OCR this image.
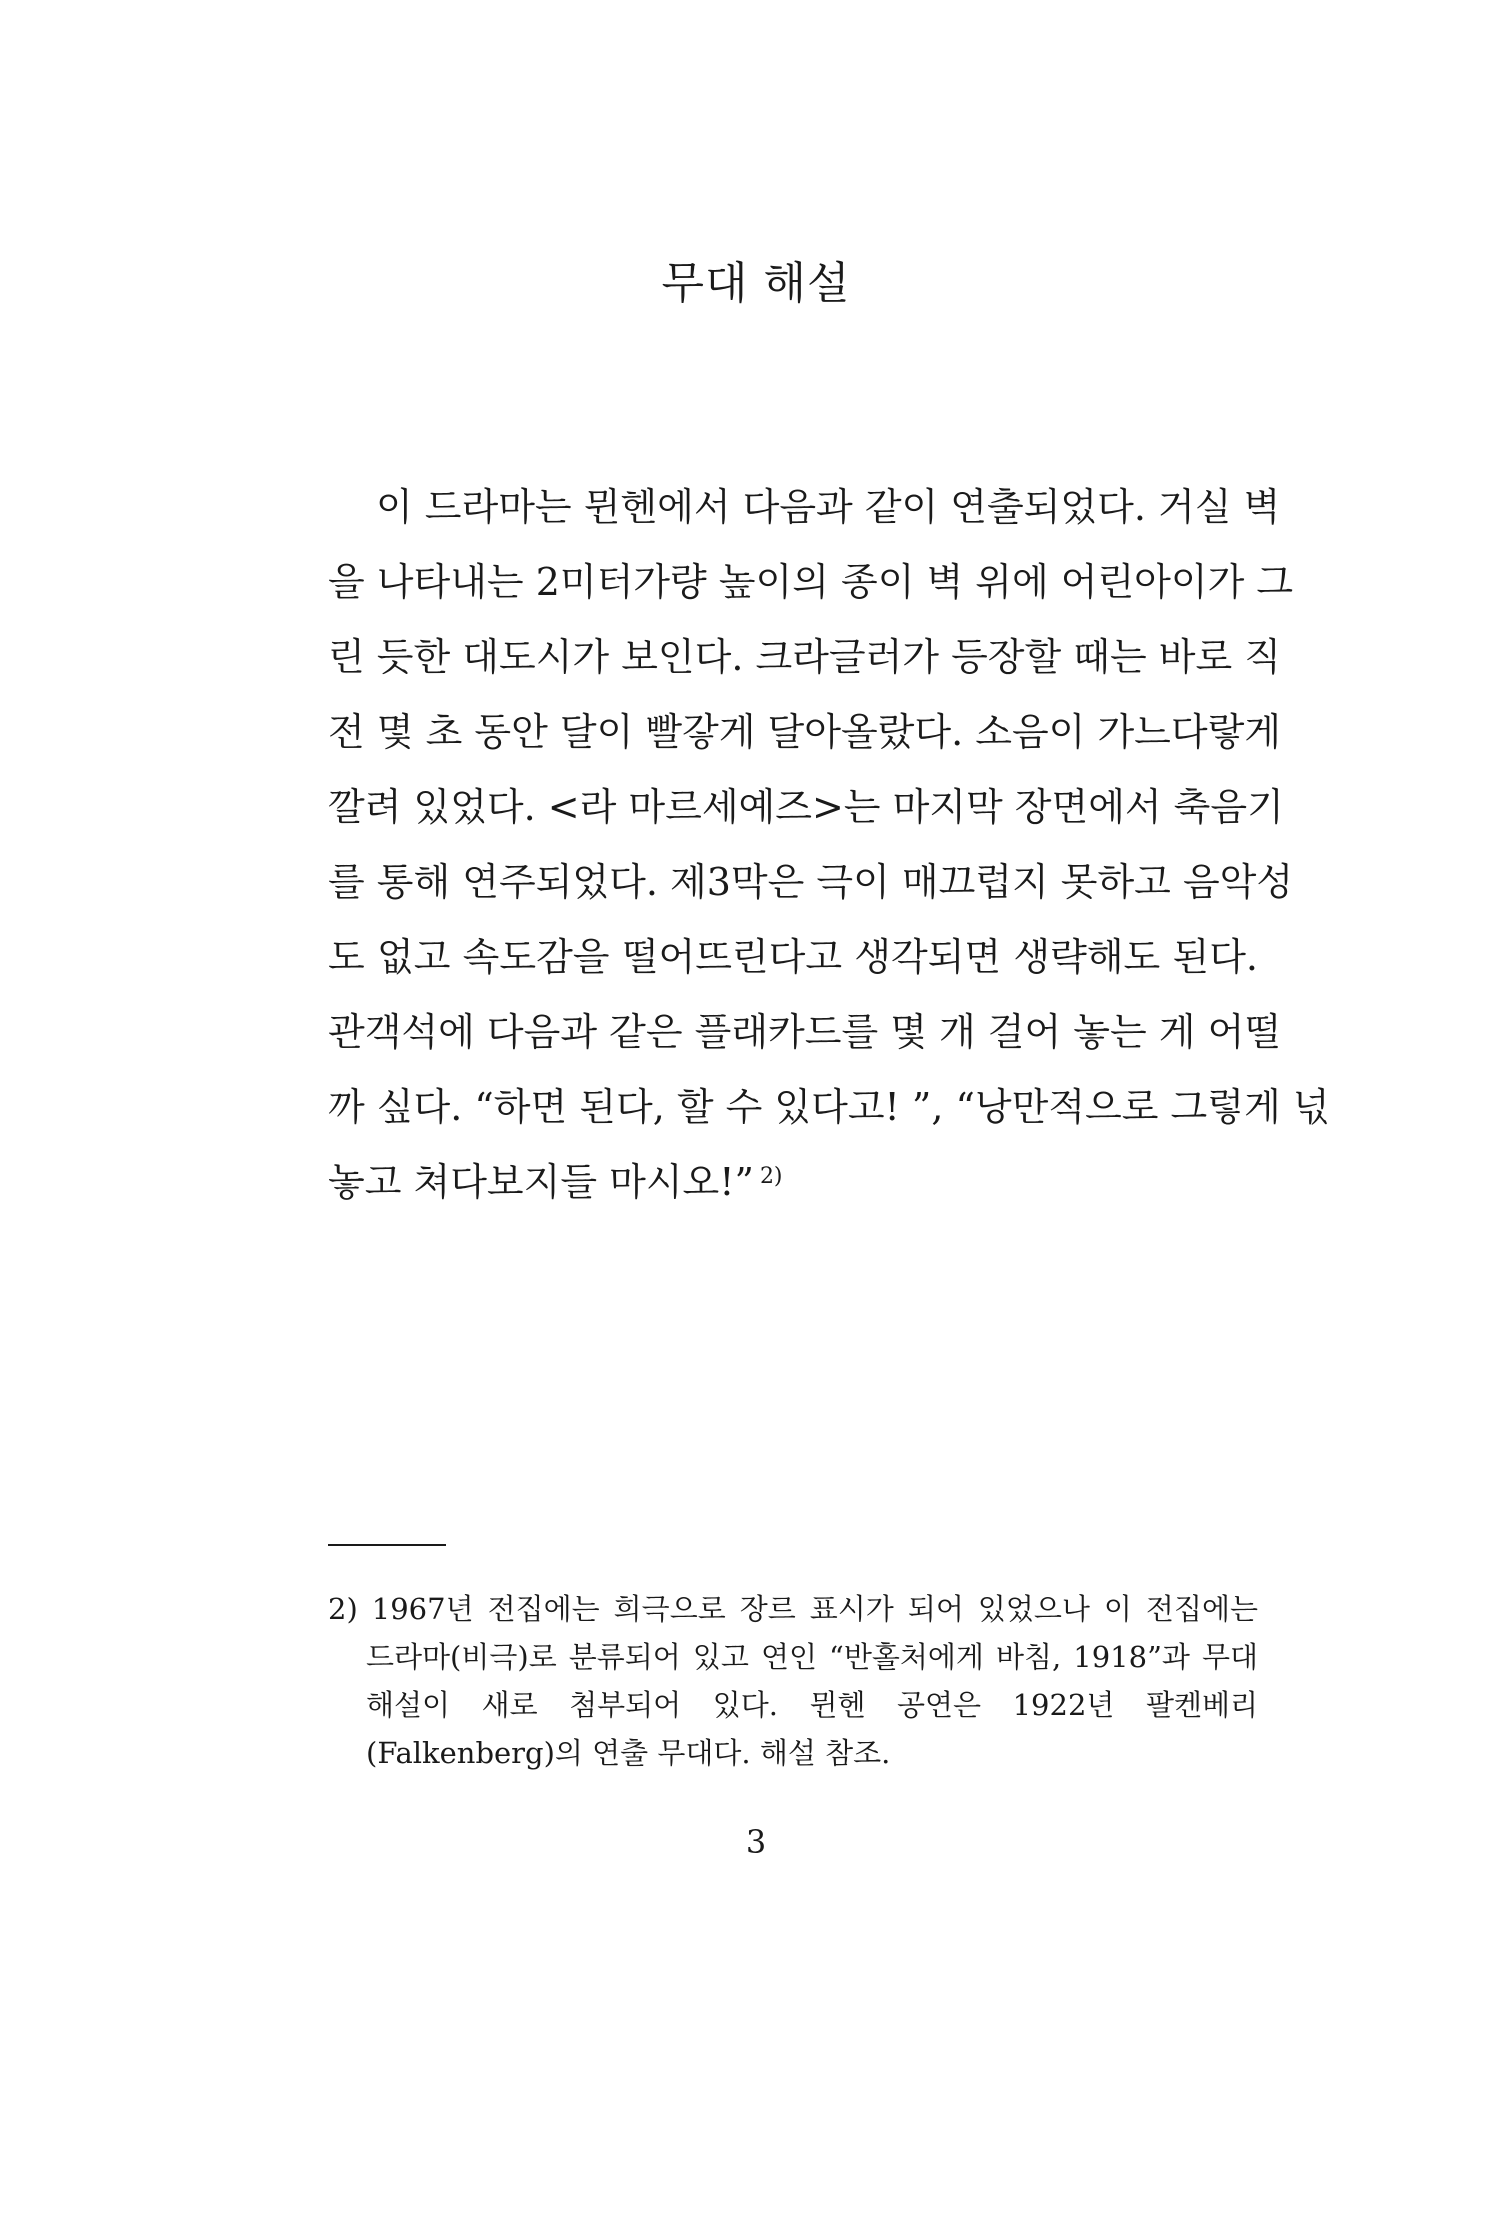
무대 해설
이 드라마는 뮌헨에서 다음과 같이 연출되었다. 거실 벽
을 나타내는 2미터가량 높이의 종이 벽 위에 어린아이가 그
린 듯한 대도시가 보인다. 크라글러가 등장할 때는 바로 직
전 몇 초 동안 달이 빨갛게 달아올랐다. 소음이 가느다랗게
깔려 있었다. <라 마르세예즈>는 마지막 장면에서 축음기
를 통해 연주되었다. 제3막은 극이 매끄럽지 못하고 음악성
도 없고 속도감을 떨어뜨린다고 생각되면 생략해도 된다.
관객석에 다음과 같은 플래카드를 몇 개 걸어 놓는 게 어떨
까 싶다. “하면 된다, 할 수 있다고! ”, “낭만적으로 그렇게 넋
놓고 쳐다보지들 마시오!” $^{2)}$
2) 1967년 전집에는 희극으로 장르 표시가 되어 있었으나 이 전집에는
드라마(비극)로 분류되어 있고 연인 “반홀처에게 바침, 1918”과 무대
해설이 새로 첨부되어 있다. 뮌헨 공연은 1922년 팔켄베리
(Falkenberg)의 연출 무대다. 해설 참조.
3
